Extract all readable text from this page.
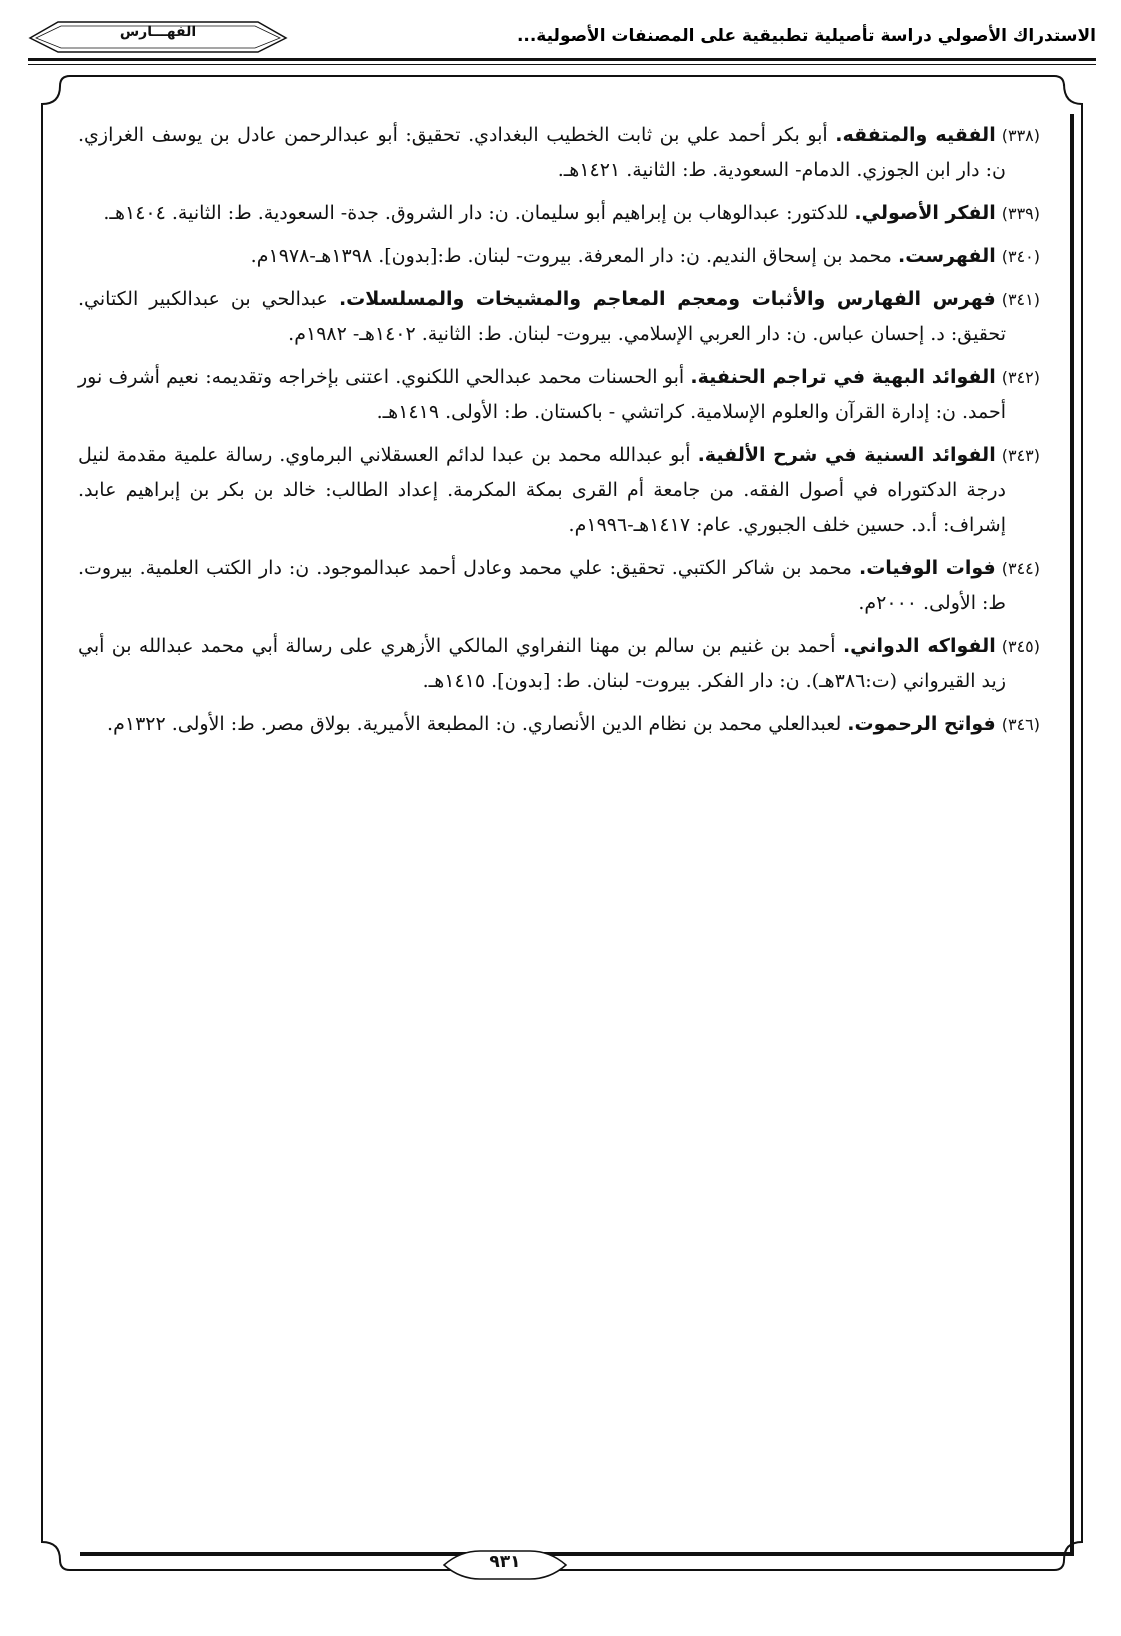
الاستدراك الأصولي دراسة تأصيلية تطبيقية على المصنفات الأصولية...
الفهـــارس

(٣٣٨)الفقيه والمتفقه. أبو بكر أحمد علي بن ثابت الخطيب البغدادي. تحقيق: أبو عبدالرحمن عادل بن يوسف الغرازي. ن: دار ابن الجوزي. الدمام- السعودية. ط: الثانية. ١٤٢١هـ.

(٣٣٩)الفكر الأصولي. للدكتور: عبدالوهاب بن إبراهيم أبو سليمان. ن: دار الشروق. جدة- السعودية. ط: الثانية. ١٤٠٤هـ.

(٣٤٠)الفهرست. محمد بن إسحاق النديم. ن: دار المعرفة. بيروت- لبنان. ط:[بدون]. ١٣٩٨هـ-١٩٧٨م.

(٣٤١)فهرس الفهارس والأثبات ومعجم المعاجم والمشيخات والمسلسلات. عبدالحي بن عبدالكبير الكتاني. تحقيق: د. إحسان عباس. ن: دار العربي الإسلامي. بيروت- لبنان. ط: الثانية. ١٤٠٢هـ- ١٩٨٢م.

(٣٤٢)الفوائد البهية في تراجم الحنفية. أبو الحسنات محمد عبدالحي اللكنوي. اعتنى بإخراجه وتقديمه: نعيم أشرف نور أحمد. ن: إدارة القرآن والعلوم الإسلامية. كراتشي - باكستان. ط: الأولى. ١٤١٩هـ.

(٣٤٣)الفوائد السنية في شرح الألفية. أبو عبدالله محمد بن عبدا لدائم العسقلاني البرماوي. رسالة علمية مقدمة لنيل درجة الدكتوراه في أصول الفقه. من جامعة أم القرى بمكة المكرمة. إعداد الطالب: خالد بن بكر بن إبراهيم عابد. إشراف: أ.د. حسين خلف الجبوري. عام: ١٤١٧هـ-١٩٩٦م.

(٣٤٤)فوات الوفيات. محمد بن شاكر الكتبي. تحقيق: علي محمد وعادل أحمد عبدالموجود. ن: دار الكتب العلمية. بيروت. ط: الأولى. ٢٠٠٠م.

(٣٤٥)الفواكه الدواني. أحمد بن غنيم بن سالم بن مهنا النفراوي المالكي الأزهري على رسالة أبي محمد عبدالله بن أبي زيد القيرواني (ت:٣٨٦هـ). ن: دار الفكر. بيروت- لبنان. ط: [بدون]. ١٤١٥هـ.

(٣٤٦)فواتح الرحموت. لعبدالعلي محمد بن نظام الدين الأنصاري. ن: المطبعة الأميرية. بولاق مصر. ط: الأولى. ١٣٢٢م.

٩٣١
